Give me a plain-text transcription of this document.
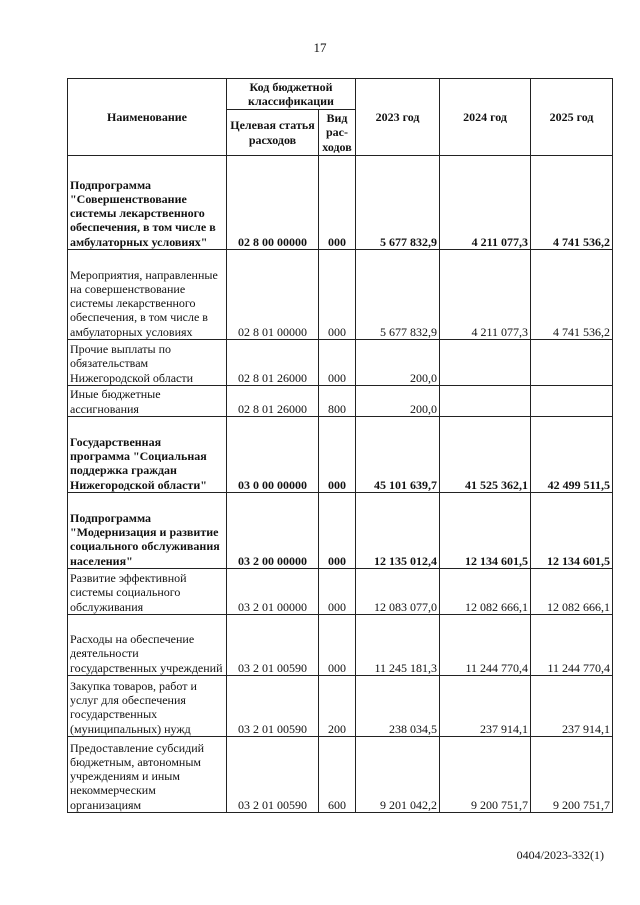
17
Наименование	Код бюджетной классификации		2023 год	2024 год	2025 год
	Целевая статья расходов	Вид рас-ходов			
Подпрограмма "Совершенствование системы лекарственного обеспечения, в том числе в амбулаторных условиях"	02 8 00 00000	000	5 677 832,9	4 211 077,3	4 741 536,2
Мероприятия, направленные на совершенствование системы лекарственного обеспечения, в том числе в амбулаторных условиях	02 8 01 00000	000	5 677 832,9	4 211 077,3	4 741 536,2
Прочие выплаты по обязательствам Нижегородской области	02 8 01 26000	000	200,0		
Иные бюджетные ассигнования	02 8 01 26000	800	200,0		
Государственная программа "Социальная поддержка граждан Нижегородской области"	03 0 00 00000	000	45 101 639,7	41 525 362,1	42 499 511,5
Подпрограмма "Модернизация и развитие социального обслуживания населения"	03 2 00 00000	000	12 135 012,4	12 134 601,5	12 134 601,5
Развитие эффективной системы социального обслуживания	03 2 01 00000	000	12 083 077,0	12 082 666,1	12 082 666,1
Расходы на обеспечение деятельности государственных учреждений	03 2 01 00590	000	11 245 181,3	11 244 770,4	11 244 770,4
Закупка товаров, работ и услуг для обеспечения государственных (муниципальных) нужд	03 2 01 00590	200	238 034,5	237 914,1	237 914,1
Предоставление субсидий бюджетным, автономным учреждениям и иным некоммерческим организациям	03 2 01 00590	600	9 201 042,2	9 200 751,7	9 200 751,7
0404/2023-332(1)
